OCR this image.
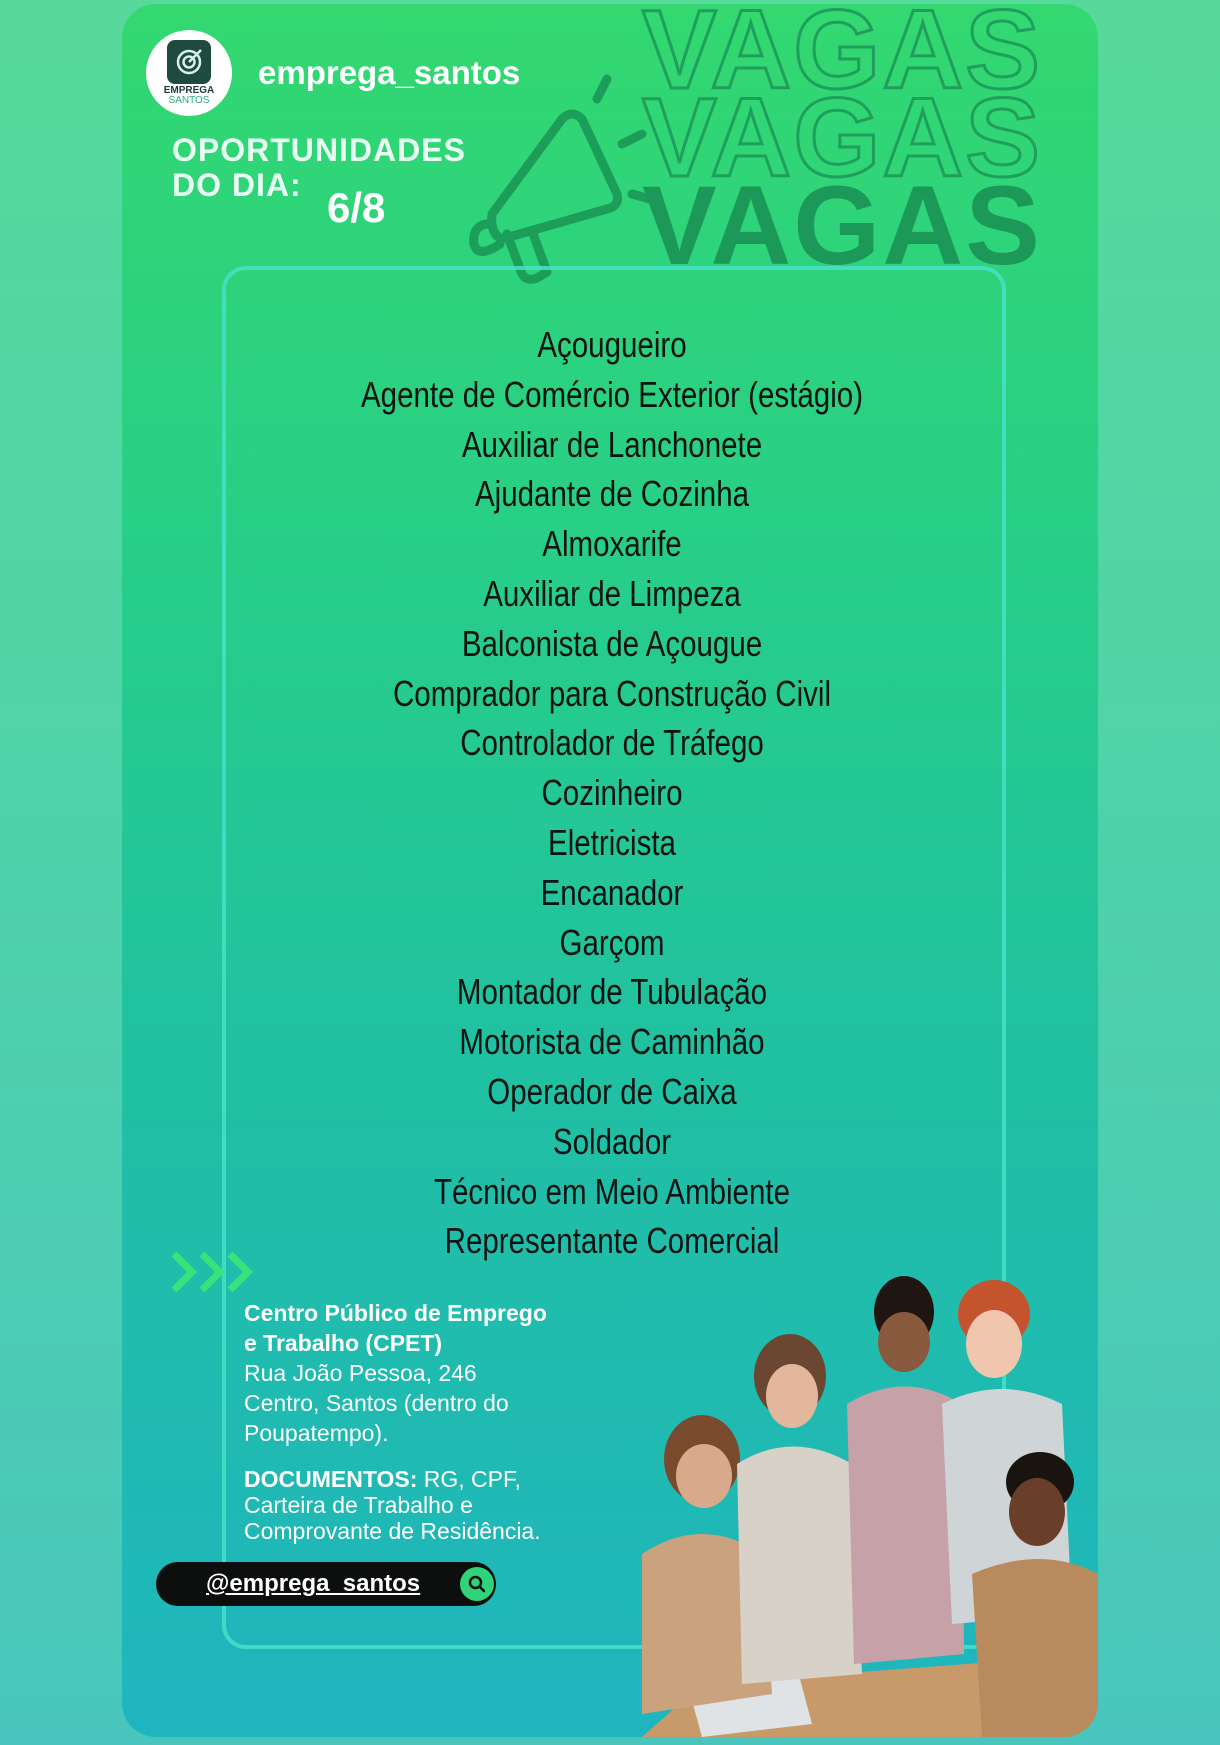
EMPREGA
SANTOS
empregа_santos
OPORTUNIDADES
DO DIA: 6/8
VAGAS
VAGAS
VAGAS
Açougueiro
Agente de Comércio Exterior (estágio)
Auxiliar de Lanchonete
Ajudante de Cozinha
Almoxarife
Auxiliar de Limpeza
Balconista de Açougue
Comprador para Construção Civil
Controlador de Tráfego
Cozinheiro
Eletricista
Encanador
Garçom
Montador de Tubulação
Motorista de Caminhão
Operador de Caixa
Soldador
Técnico em Meio Ambiente
Representante Comercial
Centro Público de Emprego
e Trabalho (CPET)
Rua João Pessoa, 246
Centro, Santos (dentro do
Poupatempo).
DOCUMENTOS: RG, CPF,
Carteira de Trabalho e
Comprovante de Residência.
@emprega_santos
